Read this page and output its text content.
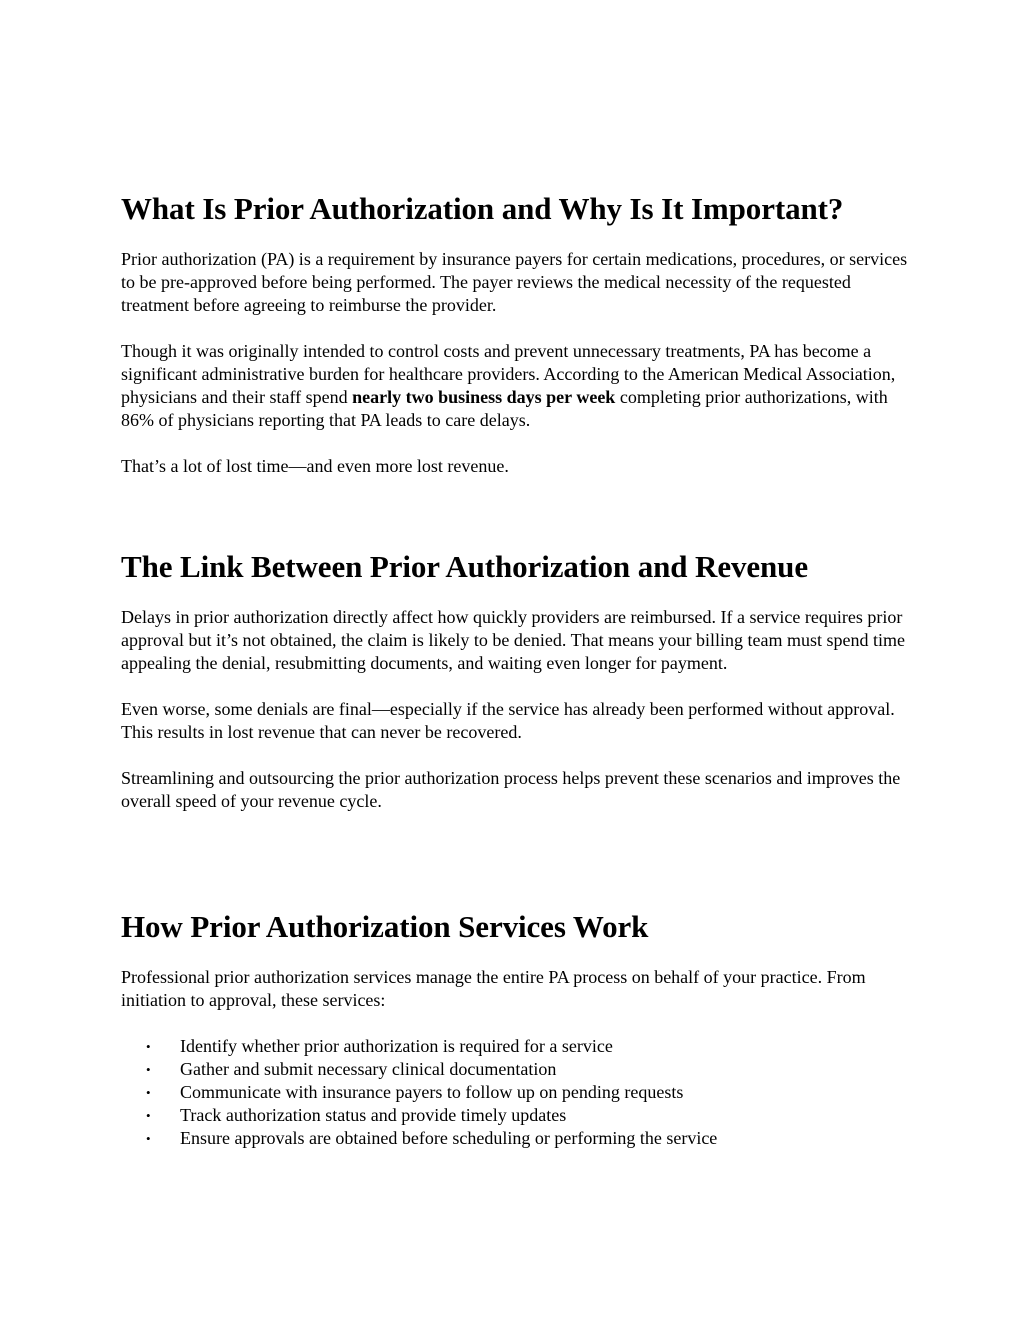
What Is Prior Authorization and Why Is It Important?

Prior authorization (PA) is a requirement by insurance payers for certain medications, procedures, or services to be pre-approved before being performed. The payer reviews the medical necessity of the requested treatment before agreeing to reimburse the provider.

Though it was originally intended to control costs and prevent unnecessary treatments, PA has become a significant administrative burden for healthcare providers. According to the American Medical Association, physicians and their staff spend nearly two business days per week completing prior authorizations, with 86% of physicians reporting that PA leads to care delays.

That’s a lot of lost time—and even more lost revenue.

The Link Between Prior Authorization and Revenue

Delays in prior authorization directly affect how quickly providers are reimbursed. If a service requires prior approval but it’s not obtained, the claim is likely to be denied. That means your billing team must spend time appealing the denial, resubmitting documents, and waiting even longer for payment.

Even worse, some denials are final—especially if the service has already been performed without approval. This results in lost revenue that can never be recovered.

Streamlining and outsourcing the prior authorization process helps prevent these scenarios and improves the overall speed of your revenue cycle.

How Prior Authorization Services Work

Professional prior authorization services manage the entire PA process on behalf of your practice. From initiation to approval, these services:

• Identify whether prior authorization is required for a service
• Gather and submit necessary clinical documentation
• Communicate with insurance payers to follow up on pending requests
• Track authorization status and provide timely updates
• Ensure approvals are obtained before scheduling or performing the service
